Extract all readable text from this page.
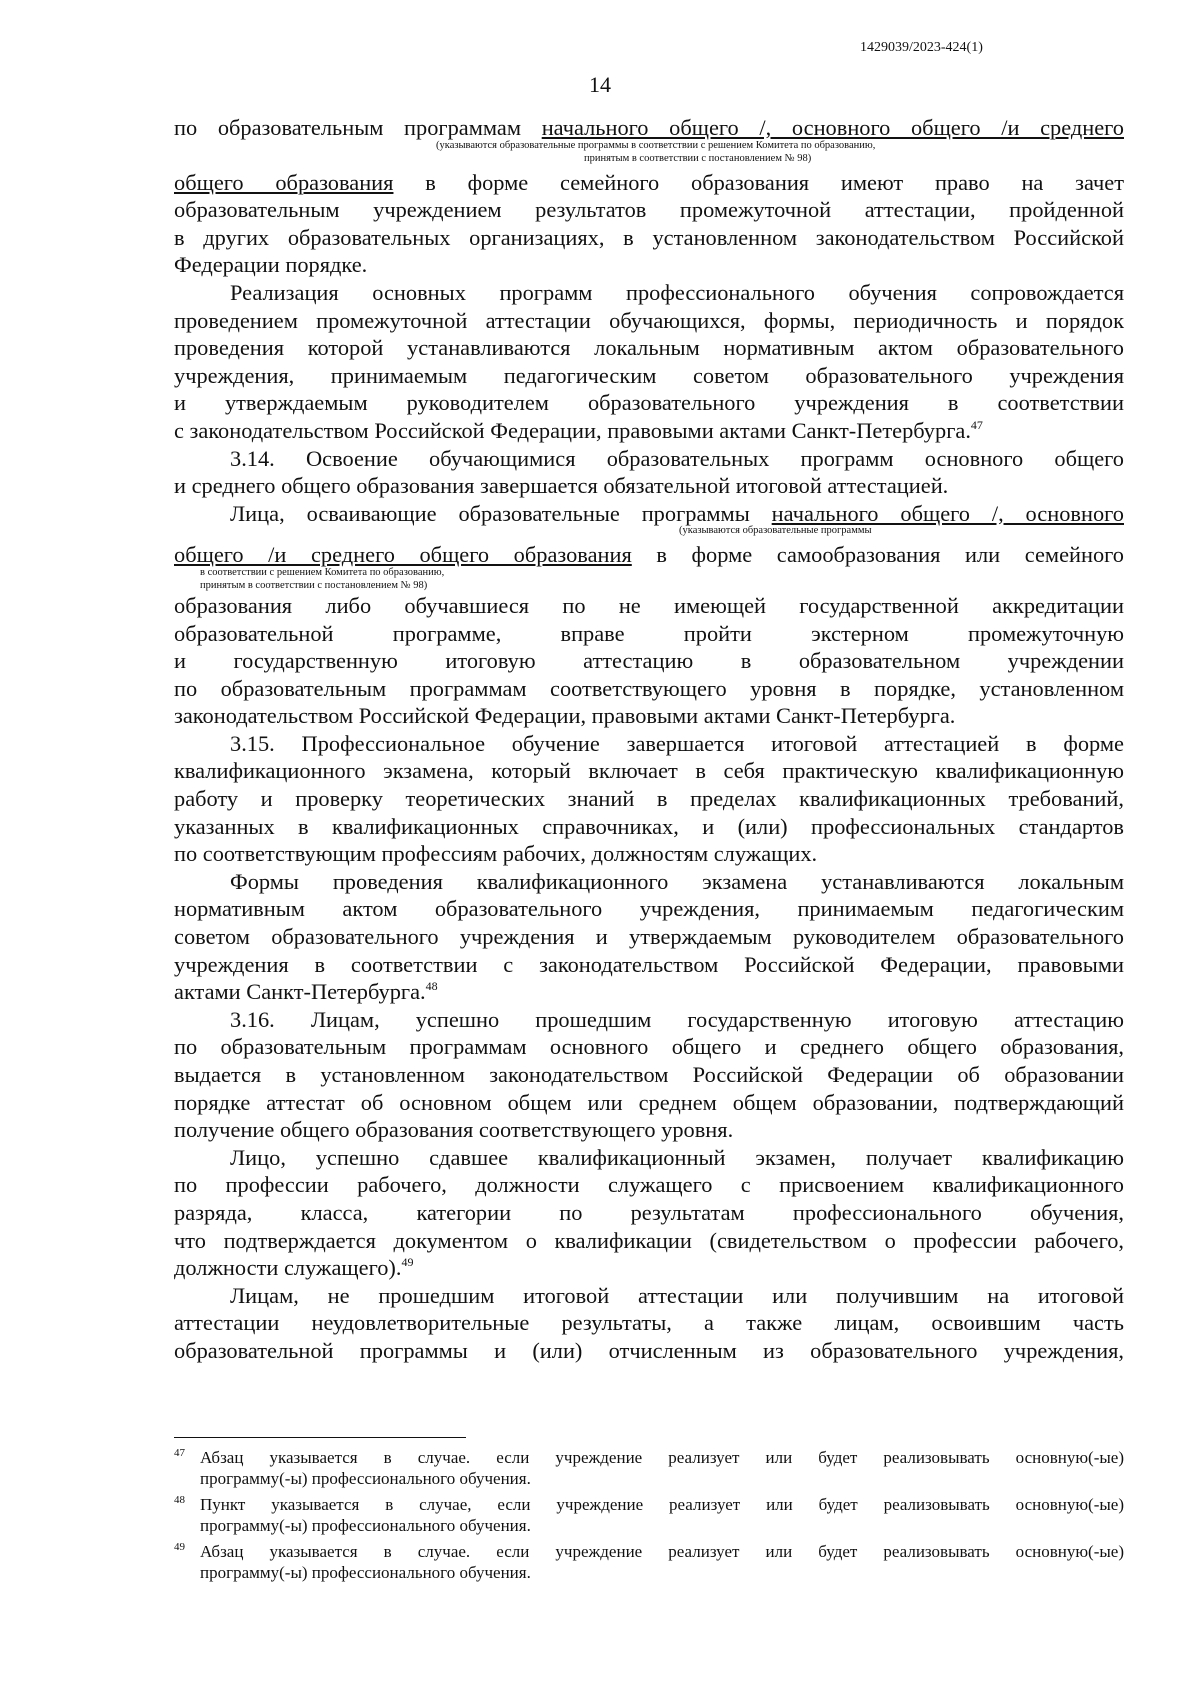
1429039/2023-424(1)
14
по образовательным программам начального общего /, основного общего /и среднего
(указываются образовательные программы в соответствии с решением Комитета по образованию,
принятым в соответствии с постановлением № 98)
общего образования в форме семейного образования имеют право на зачет
образовательным учреждением результатов промежуточной аттестации, пройденной
в других образовательных организациях, в установленном законодательством Российской
Федерации порядке.
Реализация основных программ профессионального обучения сопровождается
проведением промежуточной аттестации обучающихся, формы, периодичность и порядок
проведения которой устанавливаются локальным нормативным актом образовательного
учреждения, принимаемым педагогическим советом образовательного учреждения
и утверждаемым руководителем образовательного учреждения в соответствии
с законодательством Российской Федерации, правовыми актами Санкт-Петербурга.$^{47}$
3.14. Освоение обучающимися образовательных программ основного общего
и среднего общего образования завершается обязательной итоговой аттестацией.
Лица, осваивающие образовательные программы начального общего /, основного
(указываются образовательные программы
общего /и среднего общего образования в форме самообразования или семейного
в соответствии с решением Комитета по образованию,
принятым в соответствии с постановлением № 98)
образования либо обучавшиеся по не имеющей государственной аккредитации
образовательной программе, вправе пройти экстерном промежуточную
и государственную итоговую аттестацию в образовательном учреждении
по образовательным программам соответствующего уровня в порядке, установленном
законодательством Российской Федерации, правовыми актами Санкт-Петербурга.
3.15. Профессиональное обучение завершается итоговой аттестацией в форме
квалификационного экзамена, который включает в себя практическую квалификационную
работу и проверку теоретических знаний в пределах квалификационных требований,
указанных в квалификационных справочниках, и (или) профессиональных стандартов
по соответствующим профессиям рабочих, должностям служащих.
Формы проведения квалификационного экзамена устанавливаются локальным
нормативным актом образовательного учреждения, принимаемым педагогическим
советом образовательного учреждения и утверждаемым руководителем образовательного
учреждения в соответствии с законодательством Российской Федерации, правовыми
актами Санкт-Петербурга.$^{48}$
3.16. Лицам, успешно прошедшим государственную итоговую аттестацию
по образовательным программам основного общего и среднего общего образования,
выдается в установленном законодательством Российской Федерации об образовании
порядке аттестат об основном общем или среднем общем образовании, подтверждающий
получение общего образования соответствующего уровня.
Лицо, успешно сдавшее квалификационный экзамен, получает квалификацию
по профессии рабочего, должности служащего с присвоением квалификационного
разряда, класса, категории по результатам профессионального обучения,
что подтверждается документом о квалификации (свидетельством о профессии рабочего,
должности служащего).$^{49}$
Лицам, не прошедшим итоговой аттестации или получившим на итоговой
аттестации неудовлетворительные результаты, а также лицам, освоившим часть
образовательной программы и (или) отчисленным из образовательного учреждения,
47 Абзац указывается в случае. если учреждение реализует или будет реализовывать основную(-ые)
программу(-ы) профессионального обучения.
48 Пункт указывается в случае, если учреждение реализует или будет реализовывать основную(-ые)
программу(-ы) профессионального обучения.
49 Абзац указывается в случае. если учреждение реализует или будет реализовывать основную(-ые)
программу(-ы) профессионального обучения.
